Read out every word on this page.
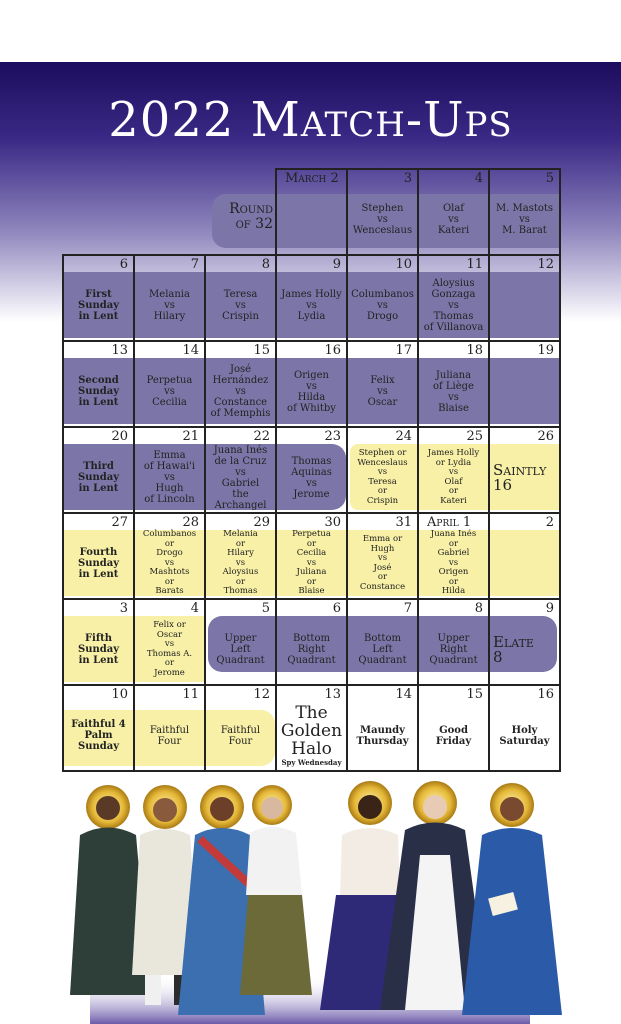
2022 Match-Ups
Round
of 32
March 2	3
Stephen
vs
Wenceslaus
4
Olaf
vs
Kateri
5
M. Mastots
vs
M. Barat
6
First
Sunday
in Lent
7
Melania
vs
Hilary
8
Teresa
vs
Crispin
9
James Holly
vs
Lydia
10
Columbanos
vs
Drogo
11
Aloysius
Gonzaga
vs
Thomas
of Villanova
12
13
Second
Sunday
in Lent
14
Perpetua
vs
Cecilia
15
José
Hernández
vs
Constance
of Memphis
16
Origen
vs
Hilda
of Whitby
17
Felix
vs
Oscar
18
Juliana
of Liège
vs
Blaise
19
20
Third
Sunday
in Lent
21
Emma
of Hawai'i
vs
Hugh
of Lincoln
22
Juana Inés
de la Cruz
vs
Gabriel
the Archangel
23
Thomas
Aquinas
vs
Jerome
24
Stephen or
Wenceslaus
vs
Teresa
or
Crispin
25
James Holly
or Lydia
vs
Olaf
or
Kateri
26
Saintly
16
27
Fourth
Sunday
in Lent
28
Columbanos
or
Drogo
vs
Mashtots
or
Barats
29
Melania
or
Hilary
vs
Aloysius
or
Thomas
30
Perpetua
or
Cecilia
vs
Juliana
or
Blaise
31
Emma or
Hugh
vs
José
or
Constance
April 1
Juana Inés
or
Gabriel
vs
Origen
or
Hilda
2
3
Fifth
Sunday
in Lent
4
Felix or
Oscar
vs
Thomas A.
or
Jerome
5
Upper
Left
Quadrant
6
Bottom
Right
Quadrant
7
Bottom
Left
Quadrant
8
Upper
Right
Quadrant
9
Elate
8
10
Faithful 4
Palm
Sunday
11
Faithful
Four
12
Faithful
Four
13
The
Golden
Halo
Spy Wednesday
14
Maundy
Thursday
15
Good
Friday
16
Holy
Saturday
